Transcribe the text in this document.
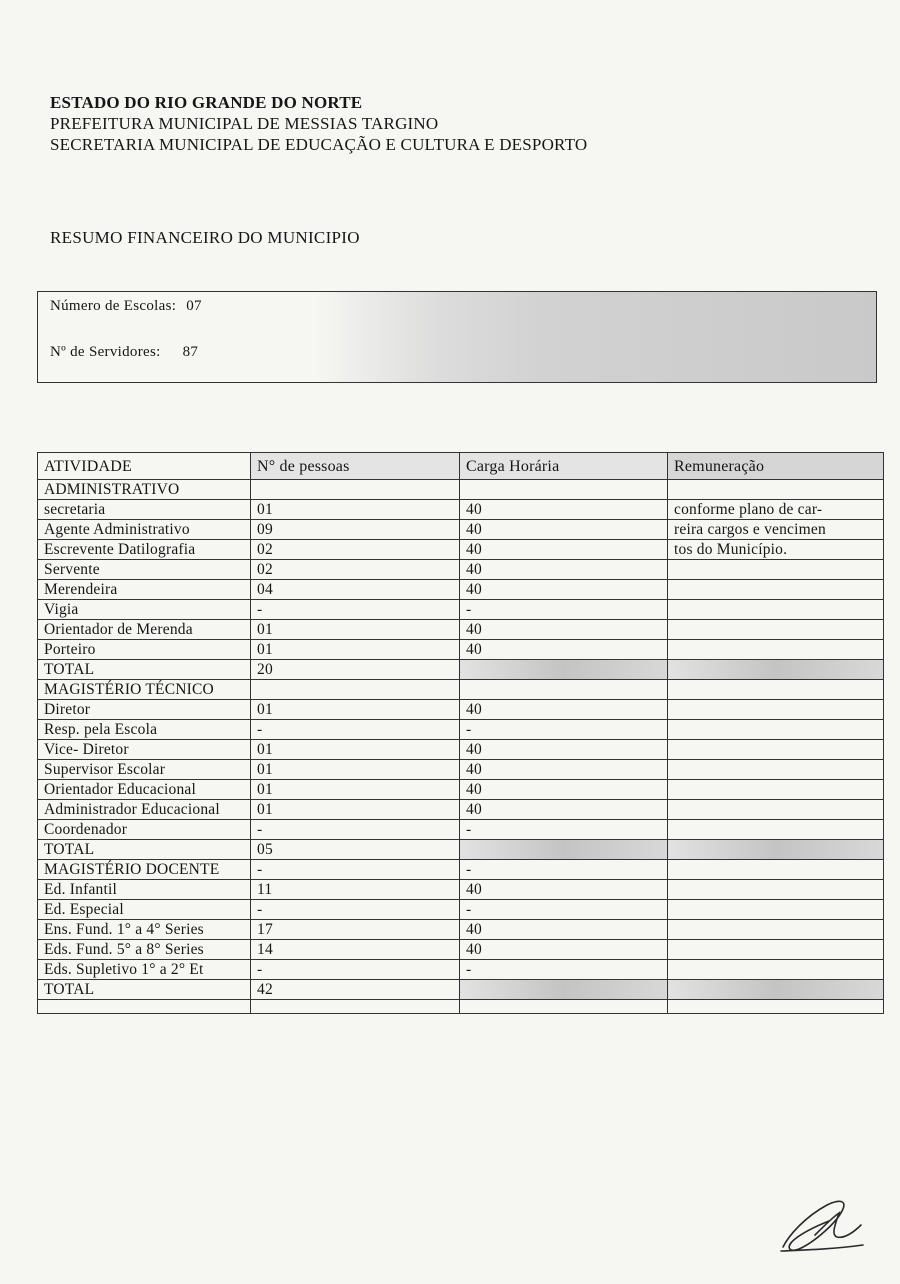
ESTADO DO RIO GRANDE DO NORTE
PREFEITURA MUNICIPAL DE MESSIAS TARGINO
SECRETARIA MUNICIPAL DE EDUCAÇÃO E CULTURA E DESPORTO
RESUMO FINANCEIRO DO MUNICIPIO
Número de Escolas: 07
Nº de Servidores: 87
ATIVIDADE	N° de pessoas	Carga Horária	Remuneração
ADMINISTRATIVO			
secretaria	01	40	conforme plano de car-
Agente Administrativo	09	40	reira cargos e vencimen
Escrevente Datilografia	02	40	tos do Município.
Servente	02	40	
Merendeira	04	40	
Vigia	-	-	
Orientador de Merenda	01	40	
Porteiro	01	40	
TOTAL	20		
MAGISTÉRIO TÉCNICO			
Diretor	01	40	
Resp. pela Escola	-	-	
Vice- Diretor	01	40	
Supervisor Escolar	01	40	
Orientador Educacional	01	40	
Administrador Educacional	01	40	
Coordenador	-	-	
TOTAL	05		
MAGISTÉRIO DOCENTE	-	-	
Ed. Infantil	11	40	
Ed. Especial	-	-	
Ens. Fund. 1° a 4° Series	17	40	
Eds. Fund. 5° a 8° Series	14	40	
Eds. Supletivo 1° a 2° Et	-	-	
TOTAL	42		
